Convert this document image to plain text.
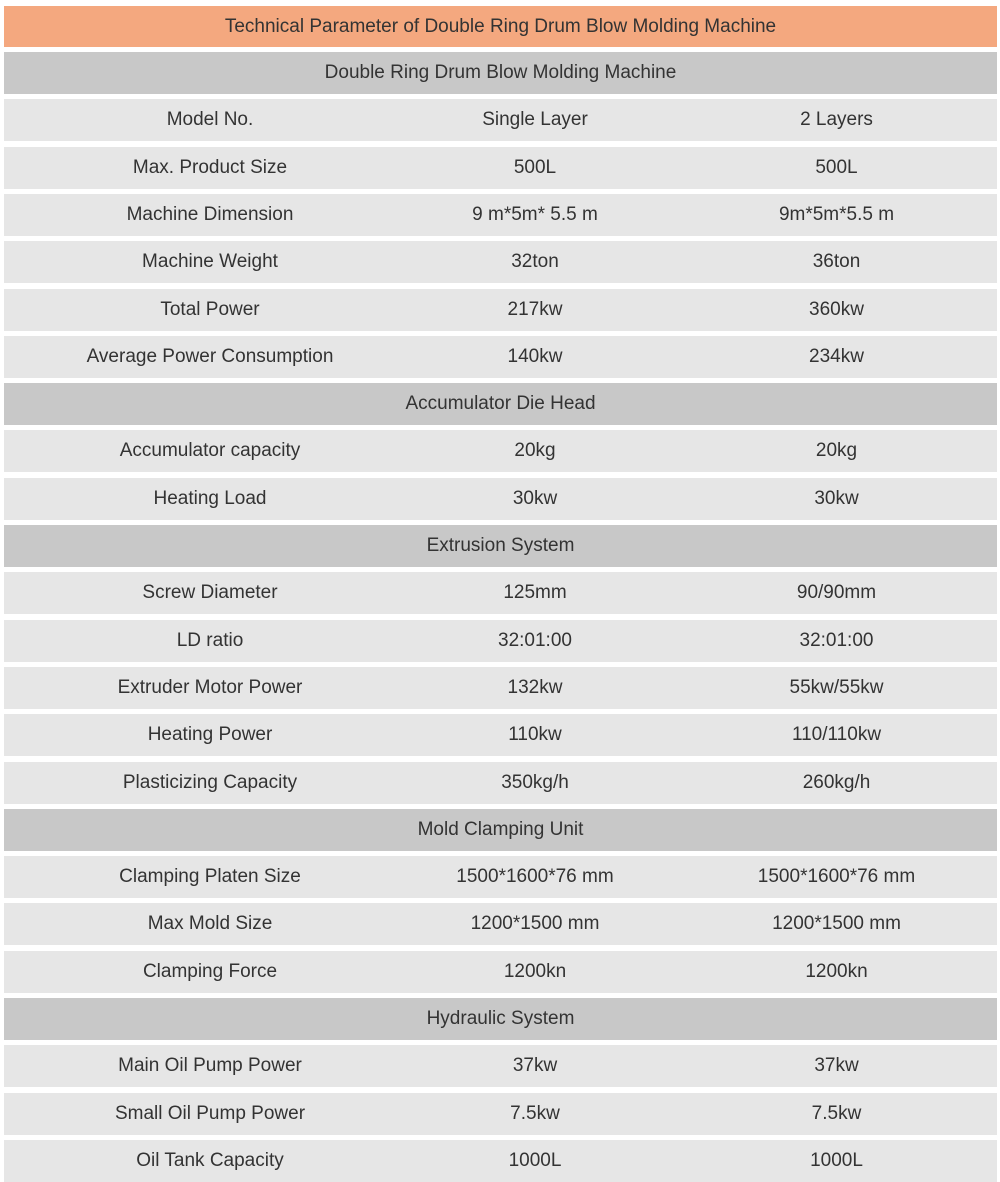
Technical Parameter of Double Ring Drum Blow Molding Machine
Double Ring Drum Blow Molding Machine
Model No.	Single Layer	2 Layers
Max. Product Size	500L	500L
Machine Dimension	9 m*5m* 5.5 m	9m*5m*5.5 m
Machine Weight	32ton	36ton
Total Power	217kw	360kw
Average Power Consumption	140kw	234kw
Accumulator Die Head
Accumulator capacity	20kg	20kg
Heating Load	30kw	30kw
Extrusion System
Screw Diameter	125mm	90/90mm
LD ratio	32:01:00	32:01:00
Extruder Motor Power	132kw	55kw/55kw
Heating Power	110kw	110/110kw
Plasticizing Capacity	350kg/h	260kg/h
Mold Clamping Unit
Clamping Platen Size	1500*1600*76 mm	1500*1600*76 mm
Max Mold Size	1200*1500 mm	1200*1500 mm
Clamping Force	1200kn	1200kn
Hydraulic System
Main Oil Pump Power	37kw	37kw
Small Oil Pump Power	7.5kw	7.5kw
Oil Tank Capacity	1000L	1000L
